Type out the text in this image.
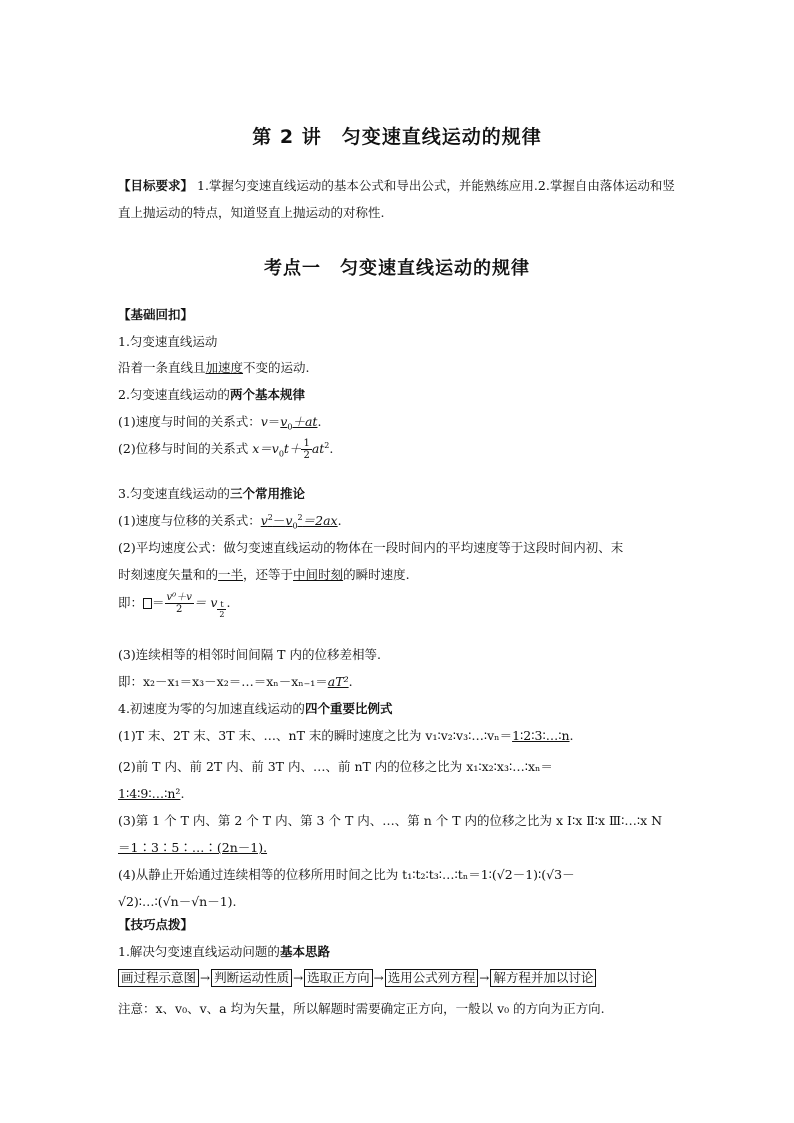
第 2 讲　匀变速直线运动的规律
【目标要求】 1.掌握匀变速直线运动的基本公式和导出公式，并能熟练应用.2.掌握自由落体运动和竖直上抛运动的特点，知道竖直上抛运动的对称性.
考点一　匀变速直线运动的规律
【基础回扣】
1.匀变速直线运动
沿着一条直线且加速度不变的运动.
2.匀变速直线运动的两个基本规律
(1)速度与时间的关系式：$v=v_0+at$.
(2)位移与时间的关系式 $x=v_0t+ \frac{1}{2} at^2$.
3.匀变速直线运动的三个常用推论
(1)速度与位移的关系式：$v^2-v_0^2=2ax$.
(2)平均速度公式：做匀变速直线运动的物体在一段时间内的平均速度等于这段时间内初、末
时刻速度矢量和的一半，还等于中间时刻的瞬时速度.
即： ＝ $\frac{\text{v⁰＋v}}{2} = v \frac{t}{2}$ .
(3)连续相等的相邻时间间隔 T 内的位移差相等.
即：x₂－x₁＝x₃－x₂＝…＝xₙ－xₙ₋₁＝aT².
4.初速度为零的匀加速直线运动的四个重要比例式
(1)T 末、2T 末、3T 末、…、nT 末的瞬时速度之比为 v₁∶v₂∶v₃∶…∶vₙ＝1∶2∶3∶…∶n.
(2)前 T 内、前 2T 内、前 3T 内、…、前 nT 内的位移之比为 x₁∶x₂∶x₃∶…∶xₙ＝
1∶4∶9∶…∶n².
(3)第 1 个 T 内、第 2 个 T 内、第 3 个 T 内、…、第 n 个 T 内的位移之比为 x Ⅰ∶x Ⅱ∶x Ⅲ∶…∶x N
＝1∶3∶5∶…∶(2n－1).
(4)从静止开始通过连续相等的位移所用时间之比为 t₁∶t₂∶t₃∶…∶tₙ＝1∶(√2－1)∶(√3－
√2)∶…∶(√n－√n－1).
【技巧点拨】
1.解决匀变速直线运动问题的基本思路
画过程示意图 → 判断运动性质 → 选取正方向 → 选用公式列方程 → 解方程并加以讨论
注意：x、v₀、v、a 均为矢量，所以解题时需要确定正方向，一般以 v₀ 的方向为正方向.
